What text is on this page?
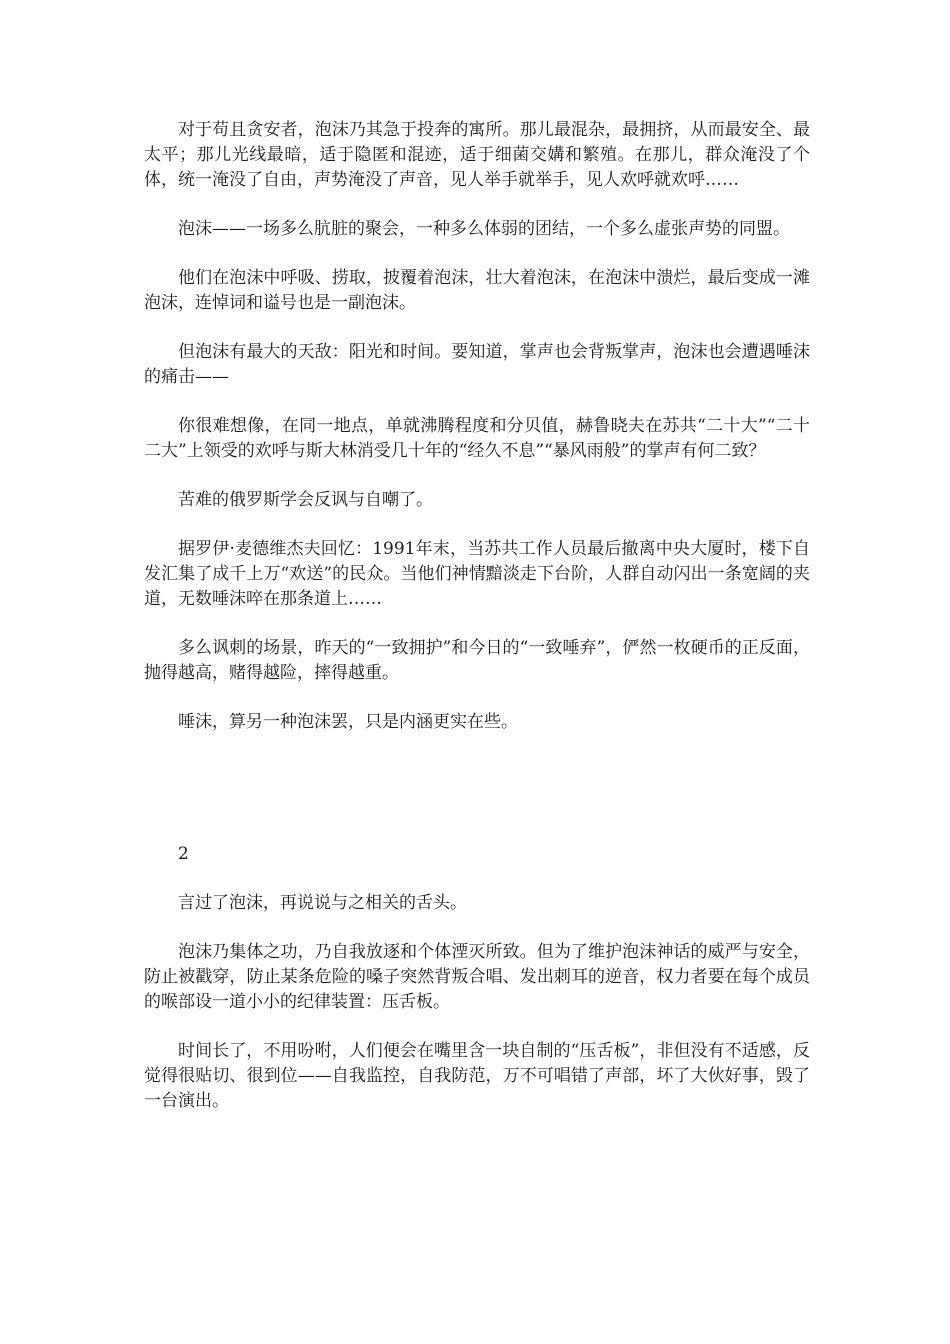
对于苟且贪安者，泡沫乃其急于投奔的寓所。那儿最混杂，最拥挤，从而最安全、最太平；那儿光线最暗，适于隐匿和混迹，适于细菌交媾和繁殖。在那儿，群众淹没了个体，统一淹没了自由，声势淹没了声音，见人举手就举手，见人欢呼就欢呼……

泡沫——一场多么肮脏的聚会，一种多么体弱的团结，一个多么虚张声势的同盟。

他们在泡沫中呼吸、捞取，披覆着泡沫，壮大着泡沫，在泡沫中溃烂，最后变成一滩泡沫，连悼词和谥号也是一副泡沫。

但泡沫有最大的天敌：阳光和时间。要知道，掌声也会背叛掌声，泡沫也会遭遇唾沫的痛击——

你很难想像，在同一地点，单就沸腾程度和分贝值，赫鲁晓夫在苏共“二十大”“二十二大”上领受的欢呼与斯大林消受几十年的“经久不息”“暴风雨般”的掌声有何二致？

苦难的俄罗斯学会反讽与自嘲了。

据罗伊·麦德维杰夫回忆：1991年末，当苏共工作人员最后撤离中央大厦时，楼下自发汇集了成千上万“欢送”的民众。当他们神情黯淡走下台阶，人群自动闪出一条宽阔的夹道，无数唾沫啐在那条道上……

多么讽刺的场景，昨天的“一致拥护”和今日的“一致唾弃”，俨然一枚硬币的正反面，抛得越高，赌得越险，摔得越重。

唾沫，算另一种泡沫罢，只是内涵更实在些。

2

言过了泡沫，再说说与之相关的舌头。

泡沫乃集体之功，乃自我放逐和个体湮灭所致。但为了维护泡沫神话的威严与安全，防止被戳穿，防止某条危险的嗓子突然背叛合唱、发出刺耳的逆音，权力者要在每个成员的喉部设一道小小的纪律装置：压舌板。

时间长了，不用吩咐，人们便会在嘴里含一块自制的“压舌板”，非但没有不适感，反觉得很贴切、很到位——自我监控，自我防范，万不可唱错了声部，坏了大伙好事，毁了一台演出。
